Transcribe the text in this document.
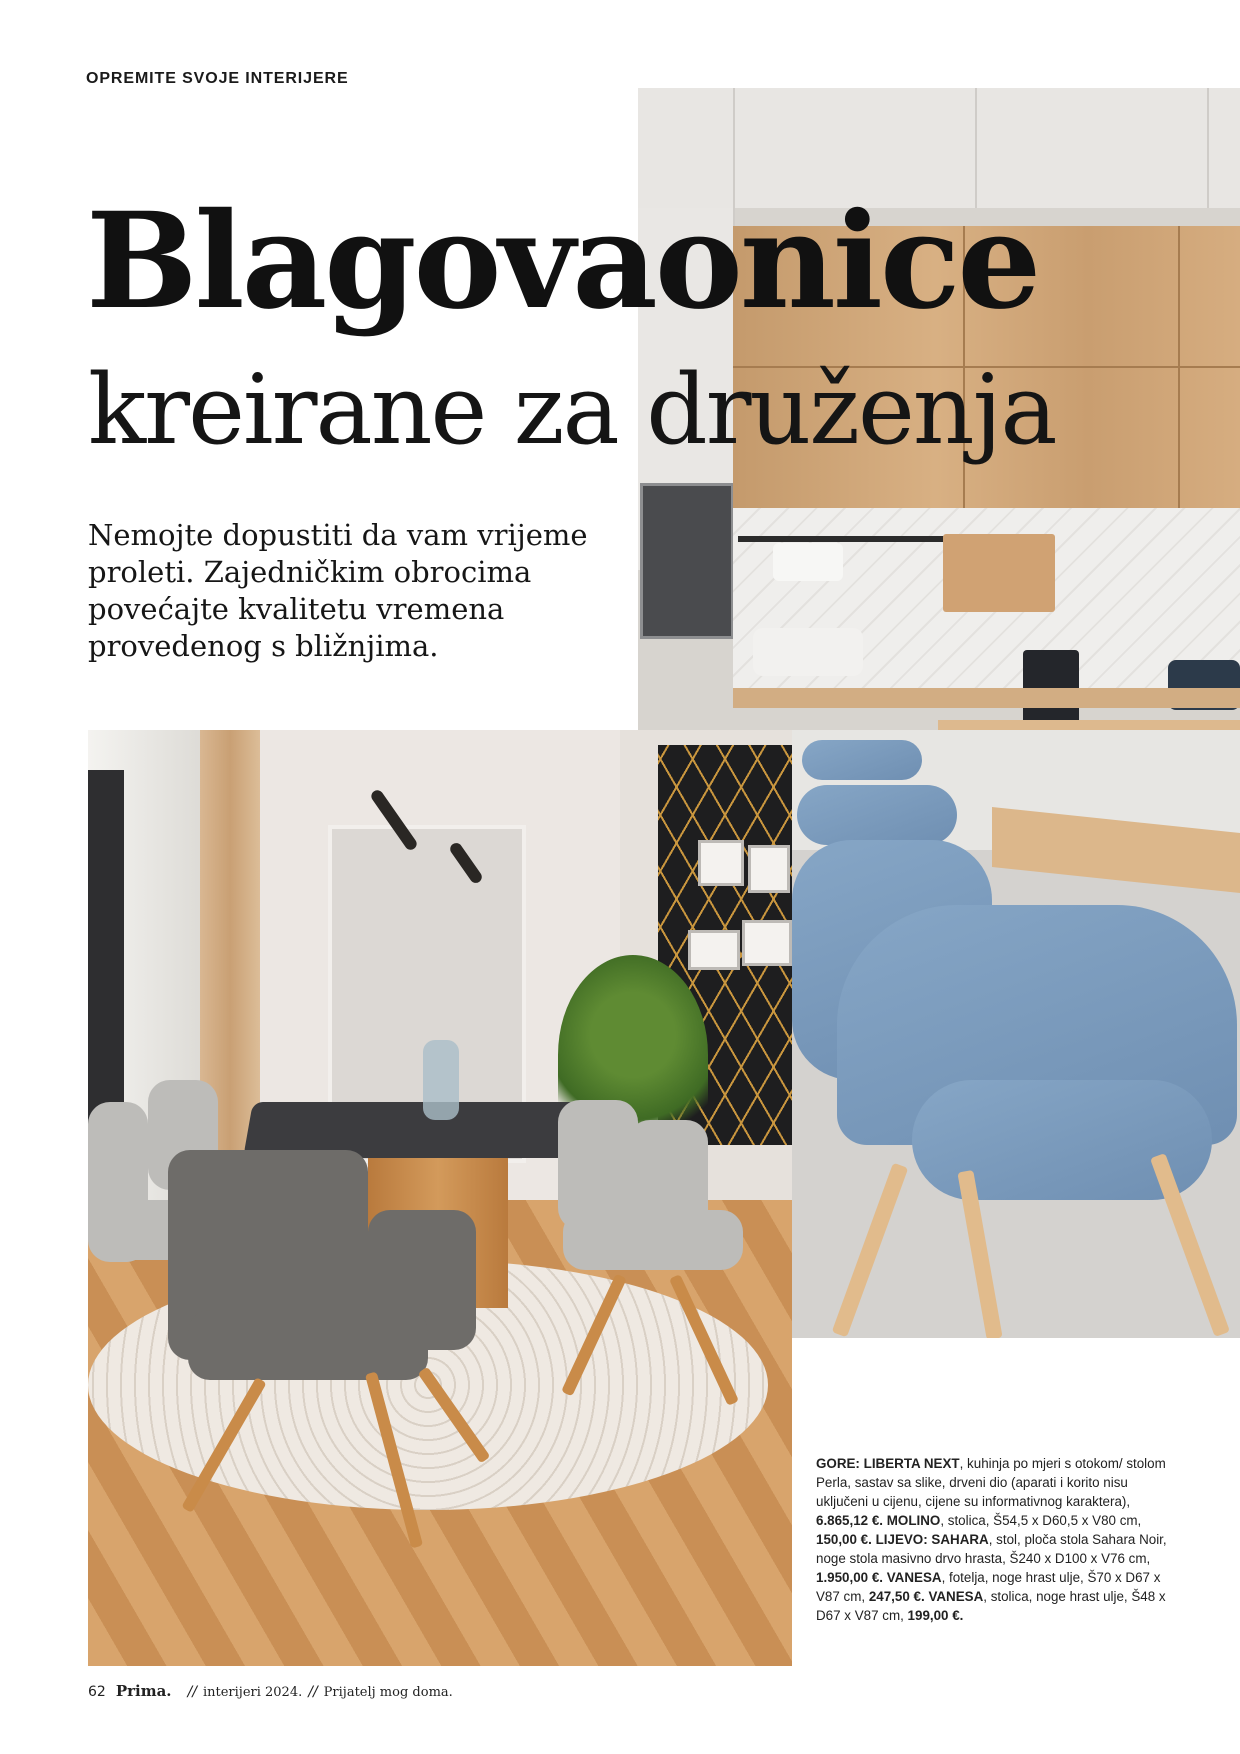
OPREMITE SVOJE INTERIJERE
Blagovaonice
kreirane za druženja
Nemojte dopustiti da vam vrijeme proleti. Zajedničkim obrocima povećajte kvalitetu vremena provedenog s bližnjima.
GORE: LIBERTA NEXT, kuhinja po mjeri s otokom/ stolom Perla, sastav sa slike, drveni dio (aparati i korito nisu uključeni u cijenu, cijene su informativnog karaktera), 6.865,12 €. MOLINO, stolica, Š54,5 x D60,5 x V80 cm, 150,00 €. LIJEVO: SAHARA, stol, ploča stola Sahara Noir, noge stola masivno drvo hrasta, Š240 x D100 x V76 cm, 1.950,00 €. VANESA, fotelja, noge hrast ulje, Š70 x D67 x V87 cm, 247,50 €. VANESA, stolica, noge hrast ulje, Š48 x D67 x V87 cm, 199,00 €.
62 Prima. // interijeri 2024. // Prijatelj mog doma.
